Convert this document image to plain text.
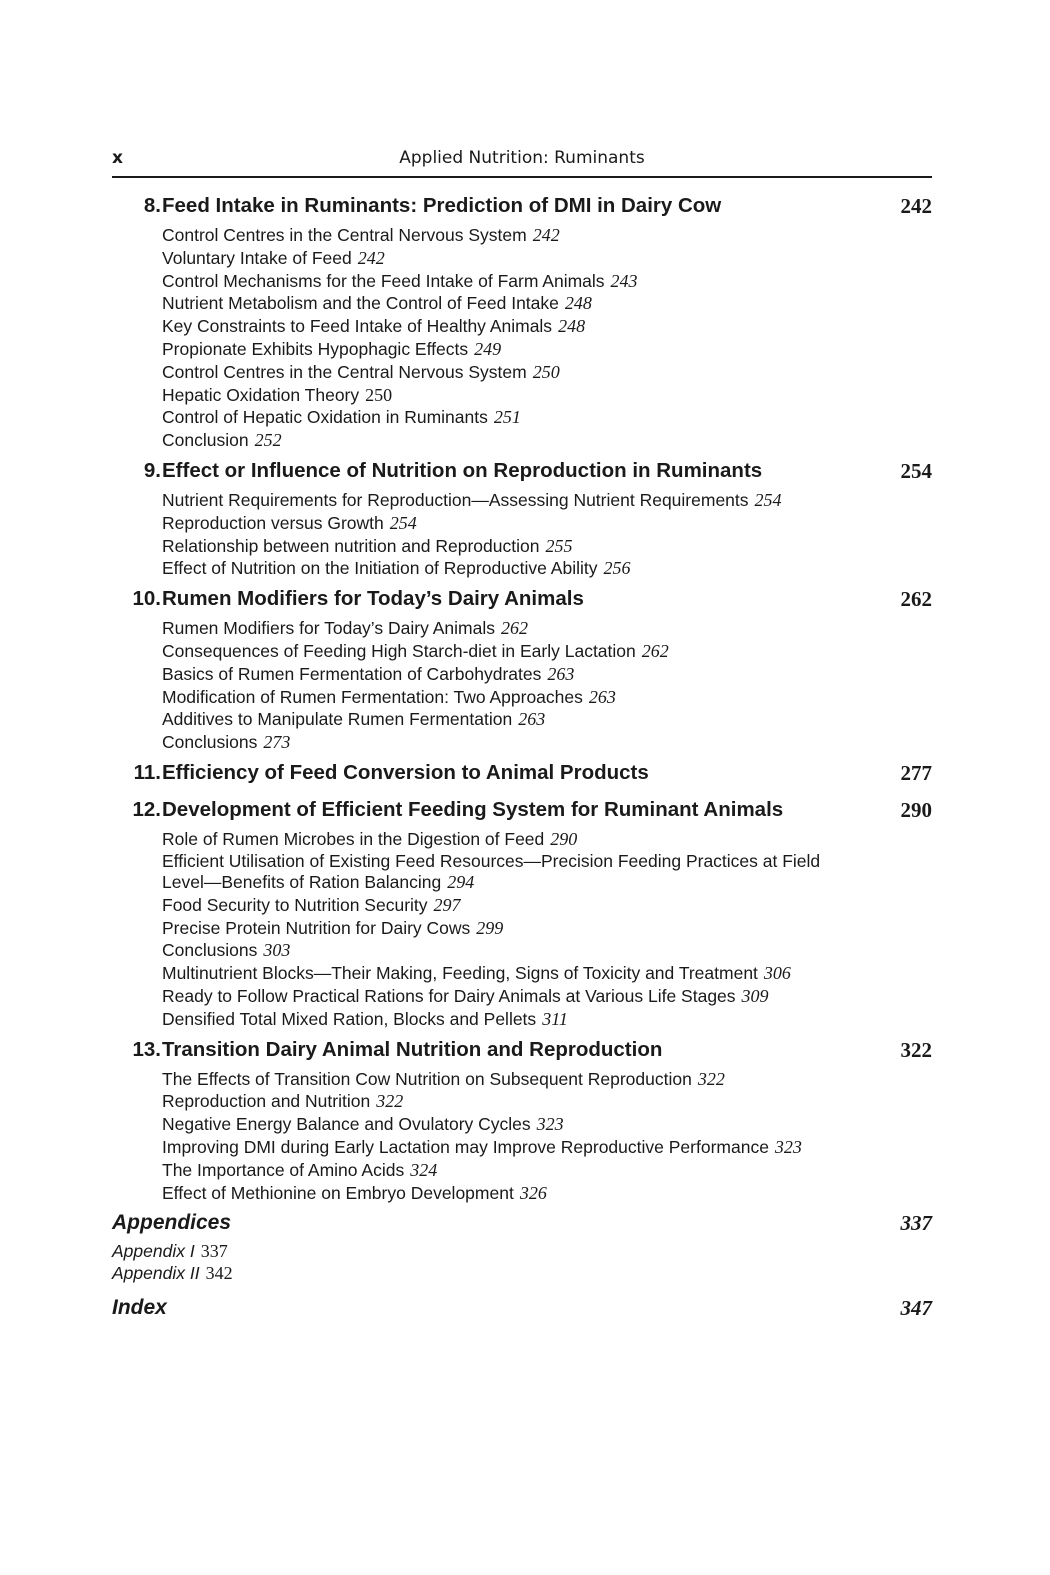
x	Applied Nutrition: Ruminants
8. Feed Intake in Ruminants: Prediction of DMI in Dairy Cow	242
Control Centres in the Central Nervous System 242
Voluntary Intake of Feed 242
Control Mechanisms for the Feed Intake of Farm Animals 243
Nutrient Metabolism and the Control of Feed Intake 248
Key Constraints to Feed Intake of Healthy Animals 248
Propionate Exhibits Hypophagic Effects 249
Control Centres in the Central Nervous System 250
Hepatic Oxidation Theory 250
Control of Hepatic Oxidation in Ruminants 251
Conclusion 252
9. Effect or Influence of Nutrition on Reproduction in Ruminants	254
Nutrient Requirements for Reproduction—Assessing Nutrient Requirements 254
Reproduction versus Growth 254
Relationship between nutrition and Reproduction 255
Effect of Nutrition on the Initiation of Reproductive Ability 256
10. Rumen Modifiers for Today’s Dairy Animals	262
Rumen Modifiers for Today’s Dairy Animals 262
Consequences of Feeding High Starch-diet in Early Lactation 262
Basics of Rumen Fermentation of Carbohydrates 263
Modification of Rumen Fermentation: Two Approaches 263
Additives to Manipulate Rumen Fermentation 263
Conclusions 273
11. Efficiency of Feed Conversion to Animal Products	277
12. Development of Efficient Feeding System for Ruminant Animals	290
Role of Rumen Microbes in the Digestion of Feed 290
Efficient Utilisation of Existing Feed Resources—Precision Feeding Practices at Field Level—Benefits of Ration Balancing 294
Food Security to Nutrition Security 297
Precise Protein Nutrition for Dairy Cows 299
Conclusions 303
Multinutrient Blocks—Their Making, Feeding, Signs of Toxicity and Treatment 306
Ready to Follow Practical Rations for Dairy Animals at Various Life Stages 309
Densified Total Mixed Ration, Blocks and Pellets 311
13. Transition Dairy Animal Nutrition and Reproduction	322
The Effects of Transition Cow Nutrition on Subsequent Reproduction 322
Reproduction and Nutrition 322
Negative Energy Balance and Ovulatory Cycles 323
Improving DMI during Early Lactation may Improve Reproductive Performance 323
The Importance of Amino Acids 324
Effect of Methionine on Embryo Development 326
Appendices	337
Appendix I 337
Appendix II 342
Index	347
